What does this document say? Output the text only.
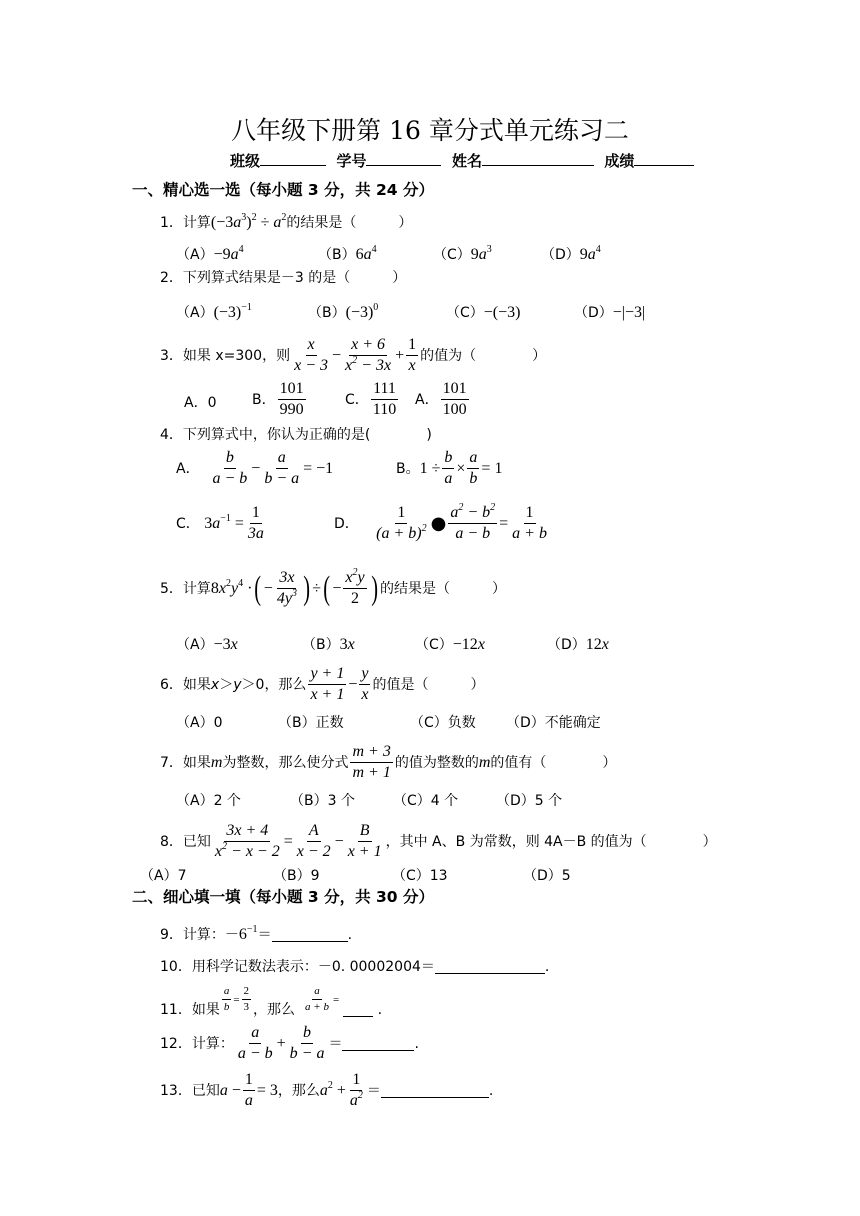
八年级下册第 16 章分式单元练习二
班级	学号	姓名	成绩
一、精心选一选（每小题 3 分，共 24 分）
1．计算 $(-3a^3)^2 \div a^2$ 的结果是（　　　）
$(A)-9a^4$	$(B)6a^4$	$(C)9a^3$	$(D)9a^4$
2．下列算式结果是－3 的是（　　　）
$(A)(-3)^{-1}$	$(B)(-3)^0$	（C）−(−3)	（D）−|−3|
3．如果 x=300，则 $\frac{x}{x - 3} - \frac{x + 6}{x^2 - 3x} + \frac{1}{x}$ 的值为（　　　　）
A．0	B． $\frac{101}{990}$	C． $\frac{111}{110}$ A． $\frac{101}{100}$
4．下列算式中，你认为正确的是(　　　　)
A．
$\frac{b}{a - b} - \frac{a}{b - a} = -1$	B。 $1 \div \frac{b}{a} \times \frac{a}{b} = 1$
C．
$3a^{-1} = \frac{1}{3a}$	D．
$\frac{1}{(a + b)^2}$ ● $\frac{a^2 - b^2}{a - b} = \frac{1}{a + b}$
5．计算 $8x^2y^4$ · ( − $\frac{3x}{4y^3}$ ) ÷ ( − $\frac{x^2y}{2}$ ) 的结果是（　　　）
（A）−3x	（B）3x	（C）−12x	（D）12x
6．如果 x＞y＞0 ，那么 $\frac{y + 1}{x + 1} - \frac{y}{x}$ 的值是（　　　）
（A）0	（B）正数	（C）负数 （D）不能确定
7．如果 m 为整数，那么使分式 $\frac{m + 3}{m + 1}$ 的值为整数的 m 的值有（　　　　）
（A）2 个	（B）3 个	（C）4 个	（D）5 个
8．已知 $\frac{3x + 4}{x^2 - x - 2} = \frac{A}{x - 2} - \frac{B}{x + 1}$ ，其中 A、B 为常数，则 4A－B 的值为（　　　　）
（A）7	（B）9	（C）13	（D）5
二、细心填一填（每小题 3 分，共 30 分）
9．计算：－ $6^{-1}$ ＝	.
10．用科学记数法表示：－0. 00002004＝	.
11．如果 $\frac{a}{b} = \frac{2}{3}$ ，那么 $\frac{a}{a + b}$ =
.
12．计算： $\frac{a}{a - b} + \frac{b}{b - a}$ ＝	.
13．已知 $a - \frac{1}{a} = 3$ ，那么 $a^2 + \frac{1}{a^2}$ ＝	.
